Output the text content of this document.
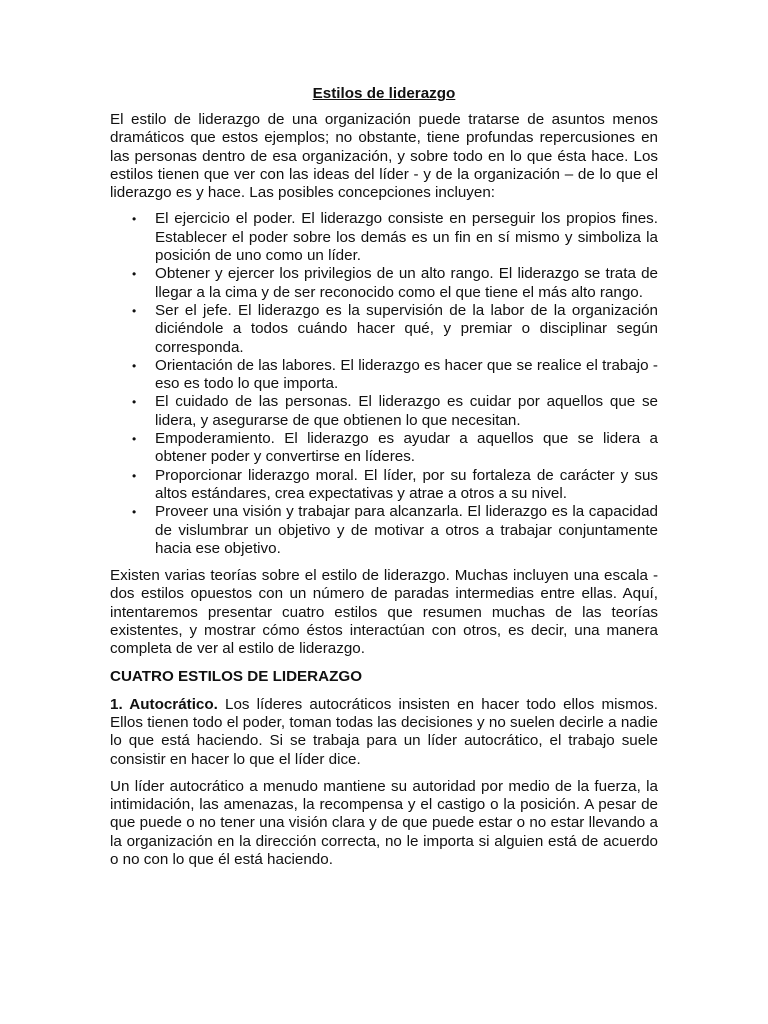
Estilos de liderazgo

El estilo de liderazgo de una organización puede tratarse de asuntos menos dramáticos que estos ejemplos; no obstante, tiene profundas repercusiones en las personas dentro de esa organización, y sobre todo en lo que ésta hace. Los estilos tienen que ver con las ideas del líder - y de la organización – de lo que el liderazgo es y hace. Las posibles concepciones incluyen:

• El ejercicio el poder. El liderazgo consiste en perseguir los propios fines. Establecer el poder sobre los demás es un fin en sí mismo y simboliza la posición de uno como un líder.
• Obtener y ejercer los privilegios de un alto rango. El liderazgo se trata de llegar a la cima y de ser reconocido como el que tiene el más alto rango.
• Ser el jefe. El liderazgo es la supervisión de la labor de la organización diciéndole a todos cuándo hacer qué, y premiar o disciplinar según corresponda.
• Orientación de las labores. El liderazgo es hacer que se realice el trabajo - eso es todo lo que importa.
• El cuidado de las personas. El liderazgo es cuidar por aquellos que se lidera, y asegurarse de que obtienen lo que necesitan.
• Empoderamiento. El liderazgo es ayudar a aquellos que se lidera a obtener poder y convertirse en líderes.
• Proporcionar liderazgo moral. El líder, por su fortaleza de carácter y sus altos estándares, crea expectativas y atrae a otros a su nivel.
• Proveer una visión y trabajar para alcanzarla. El liderazgo es la capacidad de vislumbrar un objetivo y de motivar a otros a trabajar conjuntamente hacia ese objetivo.

Existen varias teorías sobre el estilo de liderazgo. Muchas incluyen una escala - dos estilos opuestos con un número de paradas intermedias entre ellas. Aquí, intentaremos presentar cuatro estilos que resumen muchas de las teorías existentes, y mostrar cómo éstos interactúan con otros, es decir, una manera completa de ver al estilo de liderazgo.

CUATRO ESTILOS DE LIDERAZGO

1. Autocrático. Los líderes autocráticos insisten en hacer todo ellos mismos. Ellos tienen todo el poder, toman todas las decisiones y no suelen decirle a nadie lo que está haciendo. Si se trabaja para un líder autocrático, el trabajo suele consistir en hacer lo que el líder dice.

Un líder autocrático a menudo mantiene su autoridad por medio de la fuerza, la intimidación, las amenazas, la recompensa y el castigo o la posición. A pesar de que puede o no tener una visión clara y de que puede estar o no estar llevando a la organización en la dirección correcta, no le importa si alguien está de acuerdo o no con lo que él está haciendo.
